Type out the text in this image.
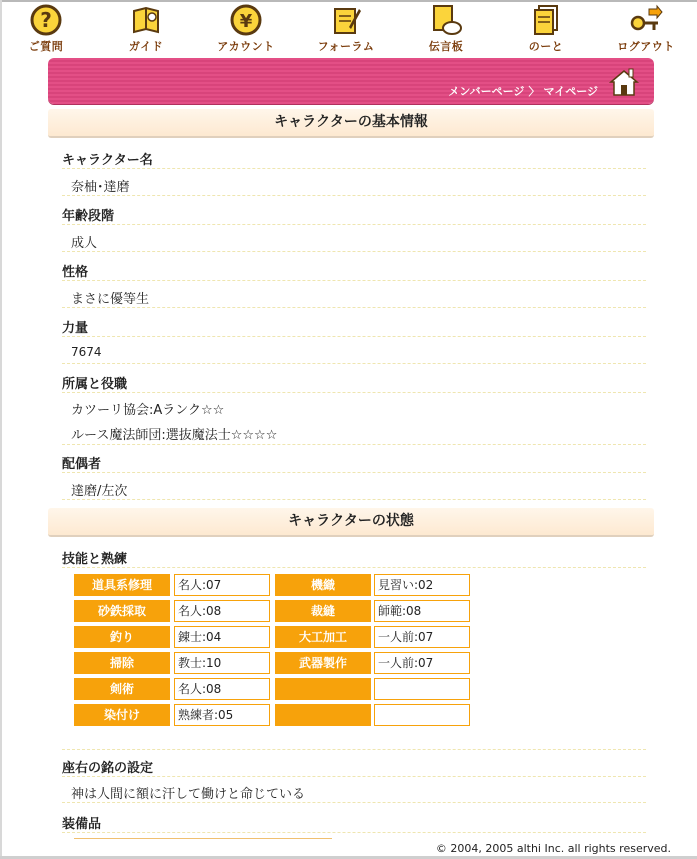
?
ご質問	ガイド
¥
アカウント	フォーラム	伝言板	のーと	ログアウト
メンバーページ 〉 マイページ
キャラクターの基本情報
キャラクター名
奈柚･達磨
年齢段階
成人
性格
まさに優等生
力量
7674
所属と役職
カツーリ協会:Aランク☆☆
ルース魔法師団:選抜魔法士☆☆☆☆
配偶者
達磨/左次
キャラクターの状態
技能と熟練
道具系修理	名人:07	機織	見習い:02
砂鉄採取	名人:08	裁縫	師範:08
釣り	錬士:04	大工加工	一人前:07
掃除	教士:10	武器製作	一人前:07
剣術	名人:08
染付け	熟練者:05
座右の銘の設定
神は人間に額に汗して働けと命じている
装備品
© 2004, 2005 althi Inc. all rights reserved.
